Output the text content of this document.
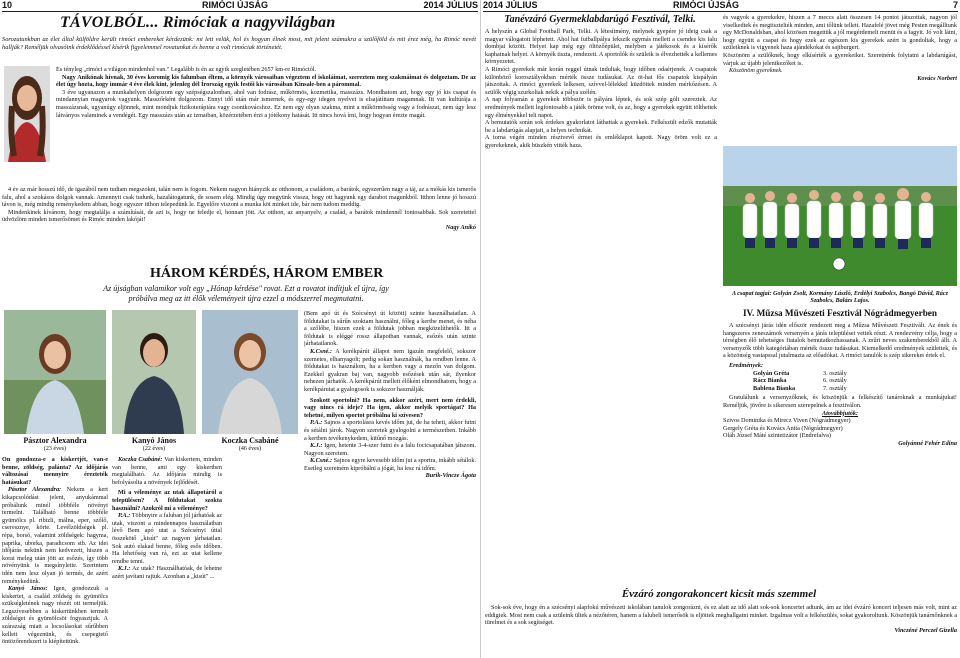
10	RIMÓCI ÚJSÁG	2014 JÚLIUS
TÁVOLBÓL... Rimóciak a nagyvilágban
Sorozatunkban az élet által külföldre került rimóci embereket kérdezünk: mi lett velük, hol és hogyan élnek most, mit jelent számukra a szülőföld és mit érez még, ha Rimóc nevét hallják? Reméljük olvasóink érdeklődéssel kísérik figyelemmel rovatunkat és benne a volt rimóciak történetét.

És tényleg „rimóci a világon mindenhol van." Legalább is én az egyik szegletében 2657 km-re Rimóctól.

Nagy Anikónak hívnak, 30 éves koromig kis falumban éltem, a környék városaiban végeztem el iskoláimat, szereztem meg szakmáimat és dolgoztam. De az élet úgy hozta, hogy immár 4 éve élek kint, jelenleg dél Írország egyik festői kis városában Kinsale-ben a párommal.

3 éve ugyanazon a munkahelyen dolgozom egy szépségszalonban, ahol van fodrász, műkörmös, kozmetika, masszázs. Mondhatom azt, hogy egy jó kis csapat és mindannyian magyarok vagyunk. Masszőrként dolgozom. Ennyi idő után már ismernek, és egy-egy idegen nyelvet is elsajátíttam magamnak. Itt van kultúrája a masszázsnak, ugyanúgy eljönnek, mint mondjuk fizikoterápiára vagy csontkovácshoz. Ez nem egy olyan szakma, mint a műkörmösség vagy a fodrászat, nem úgy lesz látványos valaminek a vendégét. Egy masszázs után az izmaiban, közérzetében érzi a jótékony hatását. Itt nincs hová írni, hogy hogyan érezte magát.

4 év az már hosszú idő, de igazából nem tudtam megszokni, talán nem is fogom. Nekem nagyon hiányzik az otthonom, a családom, a barátok, egyszerűen nagy a táj, az a mókás kis ismerős falu, ahol a szokásos dolgok vannak. Amennyit csak tudunk, hazalátogatunk, de sosem elég. Mindig úgy megyünk vissza, hogy ott hagyunk egy darabot magunkból. Itthon lenne jó hosszú távon is, még mindig reménykedem abban, hogy egyszer itthon telepedünk le. Egyelőre viszont a munka köt minket ide, bár nem tudom meddig.

Mindenkinek kívánom, hogy megtalálja a számítását, de azt is, hogy ne feledje el, honnan jött. Az otthon, az anyanyelv, a család, a barátok mindennél fontosabbak. Sok szeretettel üdvözlöm minden ismerősömet és Rimóc minden lakóját!

Nagy Anikó

HÁROM KÉRDÉS, HÁROM EMBER
Az újságban valamikor volt egy „Hónap kérdése" rovat. Ezt a rovatot indítjuk el újra, így próbálva meg az itt élők véleményeit újra ezzel a módszerrel megmutatni.
Pásztor Alexandra
(23 éves)
Kanyó János
(22 éves)
Koczka Csabáné
(46 éves)

Ön gondozza-e a kiskertjét, van-e benne, zöldség, palánta? Az időjárás változásai mennyire érezteték hatásukat?

Pásztor Alexandra: Nekem a kert kikapcsolódást jelent, anyukámmal próbálunk minél többféle növényt termelni. Található benne többféle gyümölcs pl. ribizli, málna, eper, szőlő, cseresznye, körte. Levélzöldségek pl. répa, borsó, valamint zöldségek: hagyma, paprika, uborka, paradicsom stb. Az idei időjárás nekünk nem kedvezett, hiszen a korai meleg után jött az esőzés, így több növényünk is megsínylette. Szerintem idén nem lesz olyan jó termés, de azért reménykedünk.

Kanyó János: Igen, gondozzuk a kiskertet, a család zöldség és gyümölcs szükségletének nagy részét ott termeljük. Legszívesebben a kiskertünkben termelt zöldséget és gyümölcsöt fogyasztjuk. A szárazság miatt a locsolásokat sűrűbben kellett végeznünk, és csepegtető öntözőrendszert is kiépítettünk.

Koczka Csabáné: Van kiskertem, minden van benne, ami egy kiskertben megtalálható. Az időjárás mindig is befolyásolta a növények fejlődését.

Mi a véleménye az utak állapotáról a településen? A földutakat szokta használni? Azokról mi a véleménye?

P.A.: Többnyire a faluban jól járhatóak az utak, viszont a mindennapos használatban lévő Bem apó utat a Szécsényi úttal összekötő „kisút" az nagyon járhatatlan. Sok autó elakad benne, főleg esős időben. Ha lehetőség van rá, ezt az utat kellene rendbe tenni.

K.J.: Az utak? Használhatóak, de lehetne azért javítani rajtuk. Azonban a „kisút" ...

(Bem apó út és Szécsényi út között) szinte használhatatlan. A földutakat is sűrűn szoktam használni, főleg a kertbe menet, és néha a szőlőbe, hiszen ezek a földutak jobban megközelíthetők. Itt a földutak is eléggé rossz állapotban vannak, esőzés után szinte járhatatlanok.

K.Csné.: A kerékpárút állapot nem igazán megfelelő, sokszor szemetes, elhanyagolt; pedig sokan használnák, ha rendben lenne. A földutakat is használom, ha a kertben vagy a mezőn van dolgom. Ezekkel gyakran baj van, nagyobb esőzések után sár, ilyenkor nehezen járhatók. A kerékpárút mellett élőként elmondhatom, hogy a kerékpárutat a gyalogosok is sokszor használják.

Szokott sportolni? Ha nem, akkor azért, mert nem érdekli, vagy nincs rá ideje? Ha igen, akkor melyik sportágat? Ha tehetné, milyen sportot próbálna ki szívesen?

P.A.: Sajnos a sportolásra kevés időm jut, de ha teheti, akkor futni és sétálni járok. Nagyon szeretek gyalogolni a természetben. Inkább a kertben tevékenykedem, kitűnő mozgás.

K.J.: Igen, hetente 3-4-szer futni és a falu focicsapatában játszom. Nagyon szeretem.

K.Csné.: Sajnos egyre kevesebb időm jut a sportra, inkább sétálok. Esetleg szeretném kipróbálni a jógát, ha lesz rá időm.

Burik-Vincze Ágota

2014 JÚLIUS	RIMÓCI ÚJSÁG	7
Tanévzáró Gyermeklabdarúgó Fesztivál, Telki.
A helyszín a Global Football Park, Telki. A létesítmény, melynek gyepére jó ideig csak a magyar válogatott léphetett. Ahol hat futballpálya fekszik egymás mellett a csendes kis falu dombjai között. Helyet kap még egy öltözőépület, melyben a játékosok és a kísérők kaphatnak helyet. A környék tiszta, rendezett. A sportolók és szüleik is élvezhették a kellemes környezetet.
A Rimóci gyerekek már korán reggel útnak indultak, hogy időben odaérjenek. A csapatok különböző korosztályokban mérték össze tudásukat. Az öt-hat fős csapatok kispályán játszottak. A rimóci gyerekek lelkesen, szívvel-lélekkel küzdöttek minden mérkőzésen. A szülők végig szurkoltak nekik a pálya szélén.
A nap folyamán a gyerekek többször is pályára léptek, és sok szép gólt szereztek. Az eredmények mellett legfontosabb a játék öröme volt, és az, hogy a gyerekek együtt tölthettek egy élményekkel teli napot.
A bemutatók során sok érdekes gyakorlatot láthattak a gyerekek. Felkészült edzők mutatták be a labdarúgás alapjait, a helyes technikát.
A torna végén minden résztvevő érmet és emléklapot kapott. Nagy öröm volt ez a gyerekeknek, akik büszkén vitték haza.

és vagyok a gyerekekre, hiszen a 7 meccs alatt összesen 14 pontot játszottak, nagyon jól viselkedtek és megtisztelték minden, ami tőlünk tellett. Hazafelé jövet még Pesten megálltunk egy McDonaldsban, ahol közösen megettük a jól megérdemelt menüt és a fagyit. Jó volt látni, hogy együtt a csapat és hogy ezek az egészen kis gyerekek azért is gondoltak, hogy a szüleiknek is vigyenek haza ajándékokat és sajtburgert.
Köszönöm a szülőknek, hogy elkísérték a gyerekeiket. Szeretnénk folytatni a labdarúgást, várjuk az újabb jelentkezőket is.

Köszönöm gyereknek.

Kovács Norbert

A csapat tagjai: Golyán Zsolt, Kormány László, Erdélyi Szabolcs, Bangó Dávid, Rácz Szabolcs, Balázs Lajos.
IV. Műzsa Művészeti Fesztivál Nógrádmegyerben

A szécsényi járás idén először rendezett meg a Műzsa Művészeti Fesztivált. Az ének és hangszeres zeneszámok versenyén a járás települései vettek részt. A rendezvény célja, hogy a térségben élő tehetséges fiatalok bemutatkozhassanak. A zsűri neves szakemberekből állt. A versenyzők több kategóriában mérték össze tudásukat. Kiemelkedő eredmények születtek, és a közönség vastapssal jutalmazta az előadókat. A rimóci tanulók is szép sikereket értek el.

Eredmények:

Golyán Gréta	3. osztály
Rácz Bianka	6. osztály
Bablena Bianka	7. osztály

Gratulálunk a versenyzőknek, és köszönjük a felkészítő tanároknak a munkájukat! Reméljük, jövőre is sikeresen szerepelnek a fesztiválon.

Atovábbjutók:

Szivos Dominika és Mirecz Viven (Nógrádmegyer)
Gergely Gréta és Kovács Anita (Nógrádmegyer)
Oláh József Máté szintetizátor (Endrefalva)

Golyánné Fehér Edina

Évzáró zongorakoncert kicsit más szemmel

Sok-sok éve, hogy én a szécsényi alapfokú művészeti iskolában tanulok zongorázni, és ez alatt az idő alatt sok-sok koncertet adtunk, ám az idei évzáró koncert teljesen más volt, mint az eddigiek. Most nem csak a szüleink ültek a nézőtéren, hanem a falubeli ismerősök is eljöttek meghallgatni minket. Izgalmas volt a felkészülés, sokat gyakoroltunk. Köszönjük tanárnőnknek a türelmet és a sok segítséget.

Vinczéné Perczel Gizella
